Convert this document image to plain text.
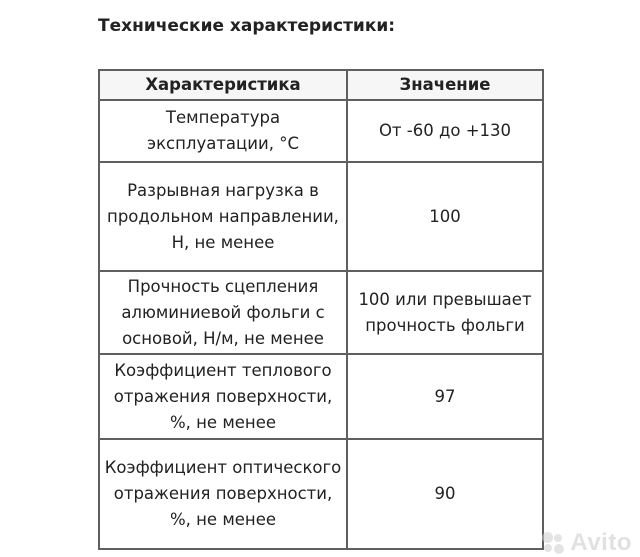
Технические характеристики:
Характеристика	Значение
Температура эксплуатации, °С	От -60 до +130
Разрывная нагрузка в продольном направлении, Н, не менее	100
Прочность сцепления алюминиевой фольги с основой, Н/м, не менее	100 или превышает прочность фольги
Коэффициент теплового отражения поверхности, %, не менее	97
Коэффициент оптического отражения поверхности, %, не менее	90
Avito
